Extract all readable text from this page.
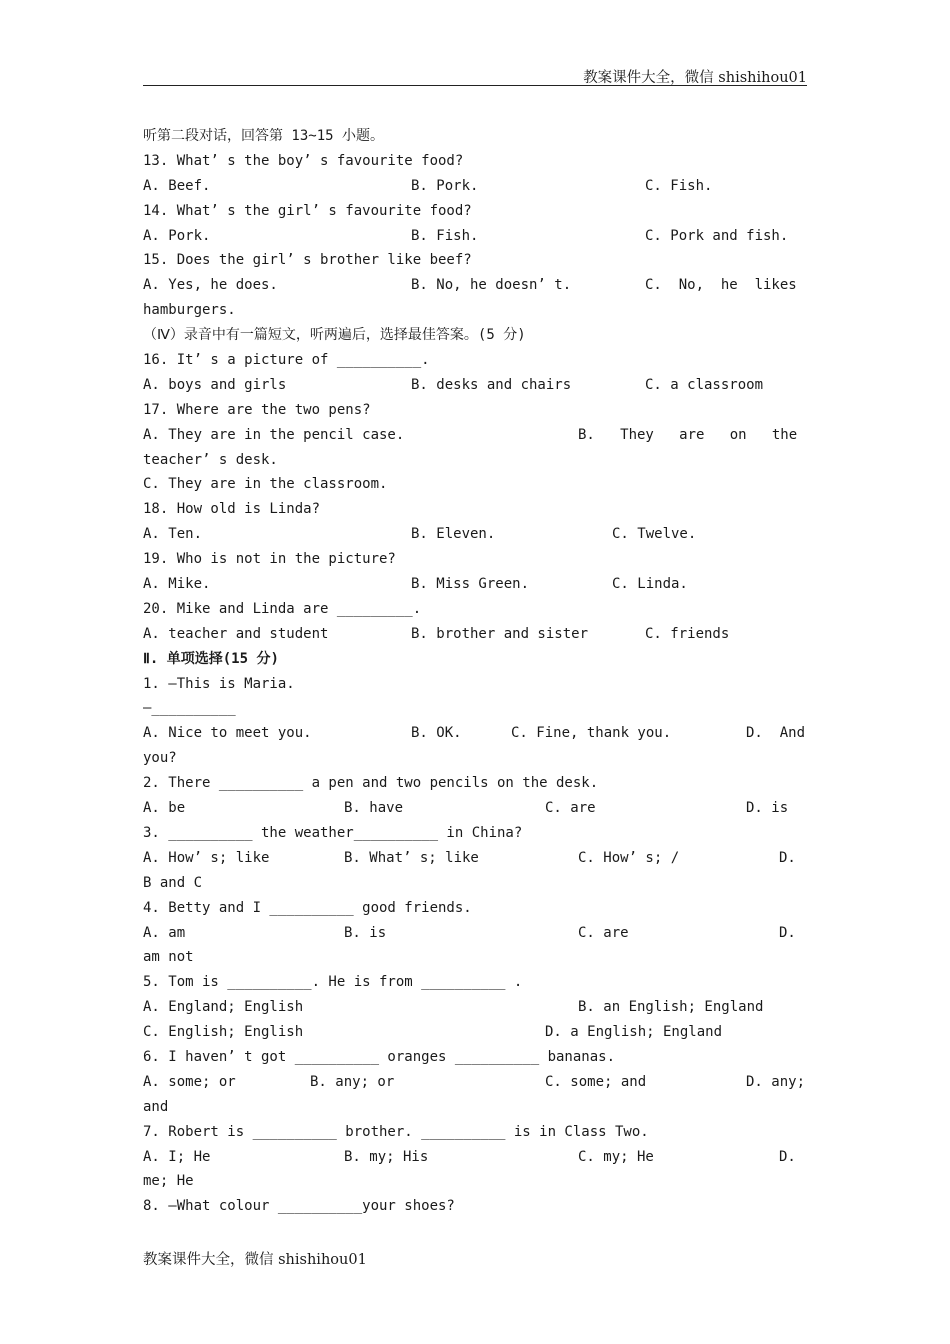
教案课件大全，微信 shishihou01
听第二段对话，回答第 13~15 小题。
13. What’ s the boy’ s favourite food?
A. Beef.	B. Pork.	C. Fish.
14. What’ s the girl’ s favourite food?
A. Pork.	B. Fish.	C. Pork and fish.
15. Does the girl’ s brother like beef?
A. Yes, he does.	B. No, he doesn’ t.	C.  No,  he  likes
hamburgers.
（Ⅳ）录音中有一篇短文，听两遍后，选择最佳答案。(5 分)
16. It’ s a picture of __________.
A. boys and girls	B. desks and chairs	C. a classroom
17. Where are the two pens?
A. They are in the pencil case.	B.   They   are   on   the
teacher’ s desk.
C. They are in the classroom.
18. How old is Linda?
A. Ten.	B. Eleven.	C. Twelve.
19. Who is not in the picture?
A. Mike.	B. Miss Green.	C. Linda.
20. Mike and Linda are _________.
A. teacher and student	B. brother and sister	C. friends
Ⅱ. 单项选择(15 分)
1. —This is Maria.
—__________
A. Nice to meet you.	B. OK.	C. Fine, thank you.	D.  And
you?
2. There __________ a pen and two pencils on the desk.
A. be	B. have	C. are	D. is
3. __________ the weather__________ in China?
A. How’ s; like	B. What’ s; like	C. How’ s; /	D.
B and C
4. Betty and I __________ good friends.
A. am	B. is	C. are	D.
am not
5. Tom is __________. He is from __________ .
A. England; English	B. an English; England
C. English; English	D. a English; England
6. I haven’ t got __________ oranges __________ bananas.
A. some; or	B. any; or	C. some; and	D. any;
and
7. Robert is __________ brother. __________ is in Class Two.
A. I; He	B. my; His	C. my; He	D.
me; He
8. —What colour __________your shoes?
教案课件大全，微信 shishihou01
